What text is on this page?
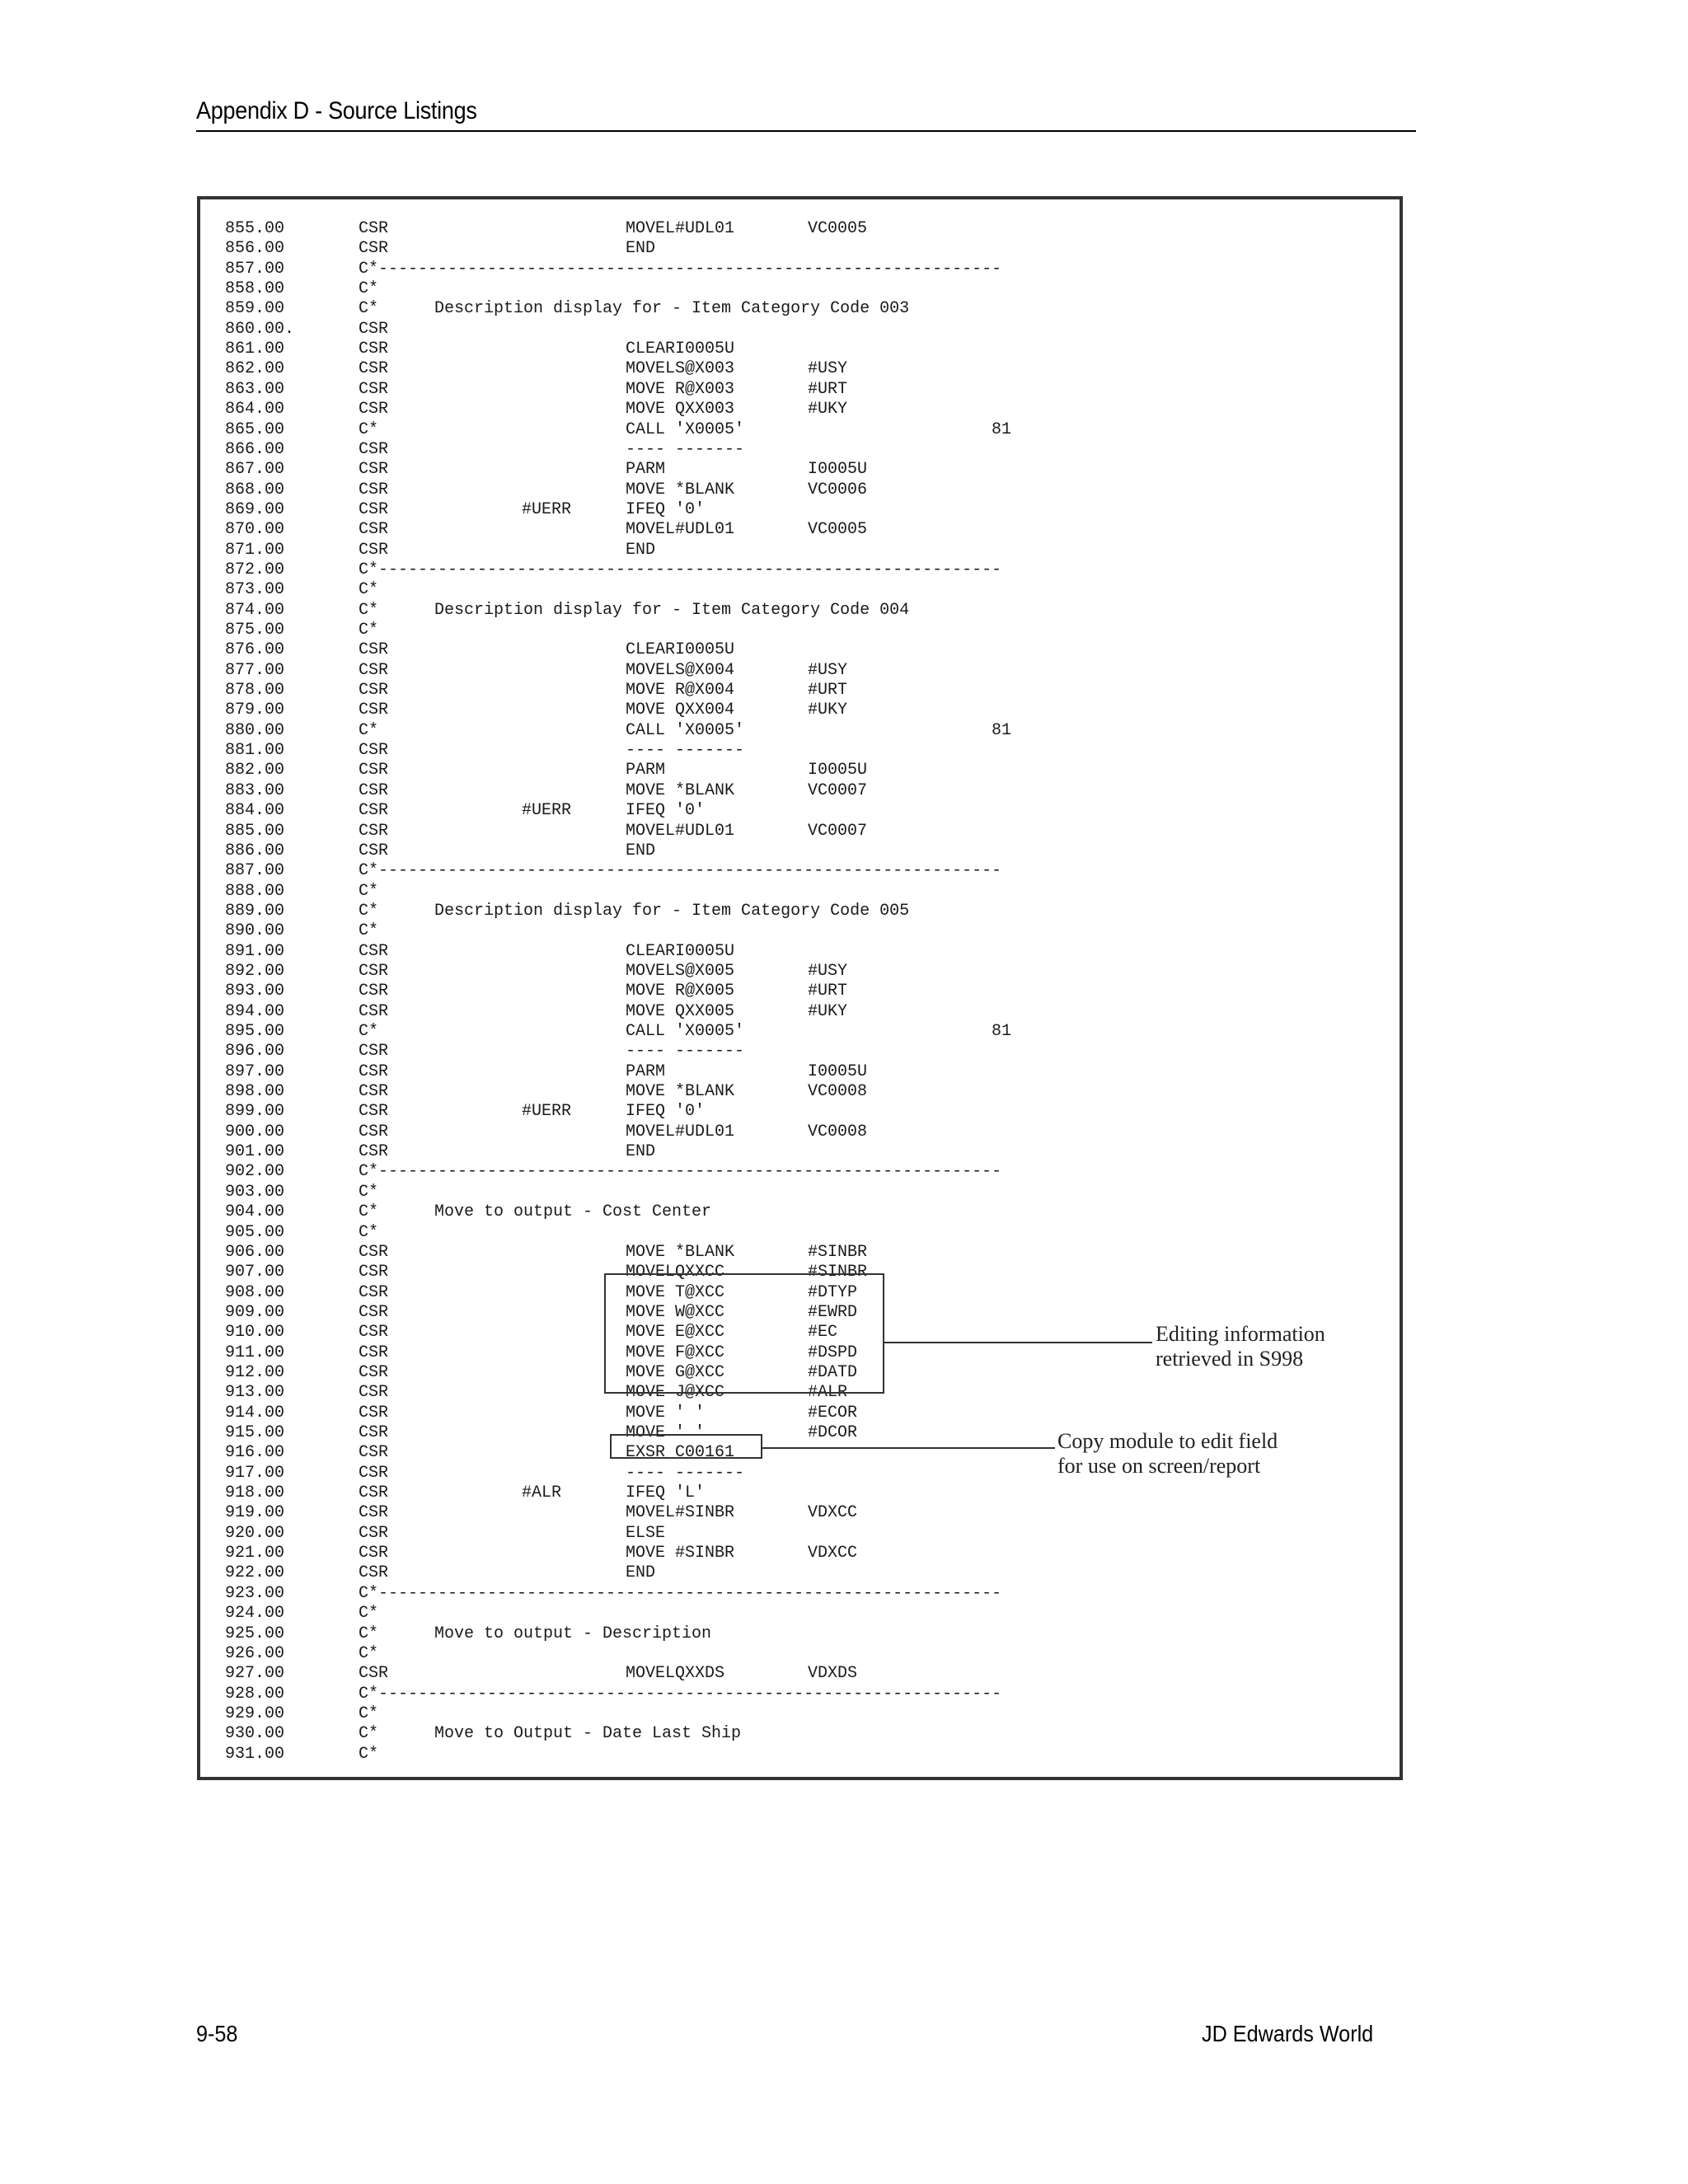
Appendix D - Source Listings
855.00	CSR	MOVEL#UDL01	VC0005
856.00	CSR	END
857.00	C*---------------------------------------------------------------
858.00	C*
859.00	C*	Description display for - Item Category Code 003
860.00.	CSR
861.00	CSR	CLEARI0005U
862.00	CSR	MOVELS@X003	#USY
863.00	CSR	MOVE R@X003	#URT
864.00	CSR	MOVE QXX003	#UKY
865.00	C*	CALL 'X0005'	81
866.00	CSR	---- -------
867.00	CSR	PARM	I0005U
868.00	CSR	MOVE *BLANK	VC0006
869.00	CSR	#UERR	IFEQ '0'
870.00	CSR	MOVEL#UDL01	VC0005
871.00	CSR	END
872.00	C*---------------------------------------------------------------
873.00	C*
874.00	C*	Description display for - Item Category Code 004
875.00	C*
876.00	CSR	CLEARI0005U
877.00	CSR	MOVELS@X004	#USY
878.00	CSR	MOVE R@X004	#URT
879.00	CSR	MOVE QXX004	#UKY
880.00	C*	CALL 'X0005'	81
881.00	CSR	---- -------
882.00	CSR	PARM	I0005U
883.00	CSR	MOVE *BLANK	VC0007
884.00	CSR	#UERR	IFEQ '0'
885.00	CSR	MOVEL#UDL01	VC0007
886.00	CSR	END
887.00	C*---------------------------------------------------------------
888.00	C*
889.00	C*	Description display for - Item Category Code 005
890.00	C*
891.00	CSR	CLEARI0005U
892.00	CSR	MOVELS@X005	#USY
893.00	CSR	MOVE R@X005	#URT
894.00	CSR	MOVE QXX005	#UKY
895.00	C*	CALL 'X0005'	81
896.00	CSR	---- -------
897.00	CSR	PARM	I0005U
898.00	CSR	MOVE *BLANK	VC0008
899.00	CSR	#UERR	IFEQ '0'
900.00	CSR	MOVEL#UDL01	VC0008
901.00	CSR	END
902.00	C*---------------------------------------------------------------
903.00	C*
904.00	C*	Move to output - Cost Center
905.00	C*
906.00	CSR	MOVE *BLANK	#SINBR
907.00	CSR	MOVELQXXCC	#SINBR
908.00	CSR	MOVE T@XCC	#DTYP
909.00	CSR	MOVE W@XCC	#EWRD
910.00	CSR	MOVE E@XCC	#EC
911.00	CSR	MOVE F@XCC	#DSPD
912.00	CSR	MOVE G@XCC	#DATD
913.00	CSR	MOVE J@XCC	#ALR
914.00	CSR	MOVE ' '	#ECOR
915.00	CSR	MOVE ' '	#DCOR
916.00	CSR	EXSR C00161
917.00	CSR	---- -------
918.00	CSR	#ALR	IFEQ 'L'
919.00	CSR	MOVEL#SINBR	VDXCC
920.00	CSR	ELSE
921.00	CSR	MOVE #SINBR	VDXCC
922.00	CSR	END
923.00	C*---------------------------------------------------------------
924.00	C*
925.00	C*	Move to output - Description
926.00	C*
927.00	CSR	MOVELQXXDS	VDXDS
928.00	C*---------------------------------------------------------------
929.00	C*
930.00	C*	Move to Output - Date Last Ship
931.00	C*
Editing information
retrieved in S998
Copy module to edit field
for use on screen/report
9-58	JD Edwards World
